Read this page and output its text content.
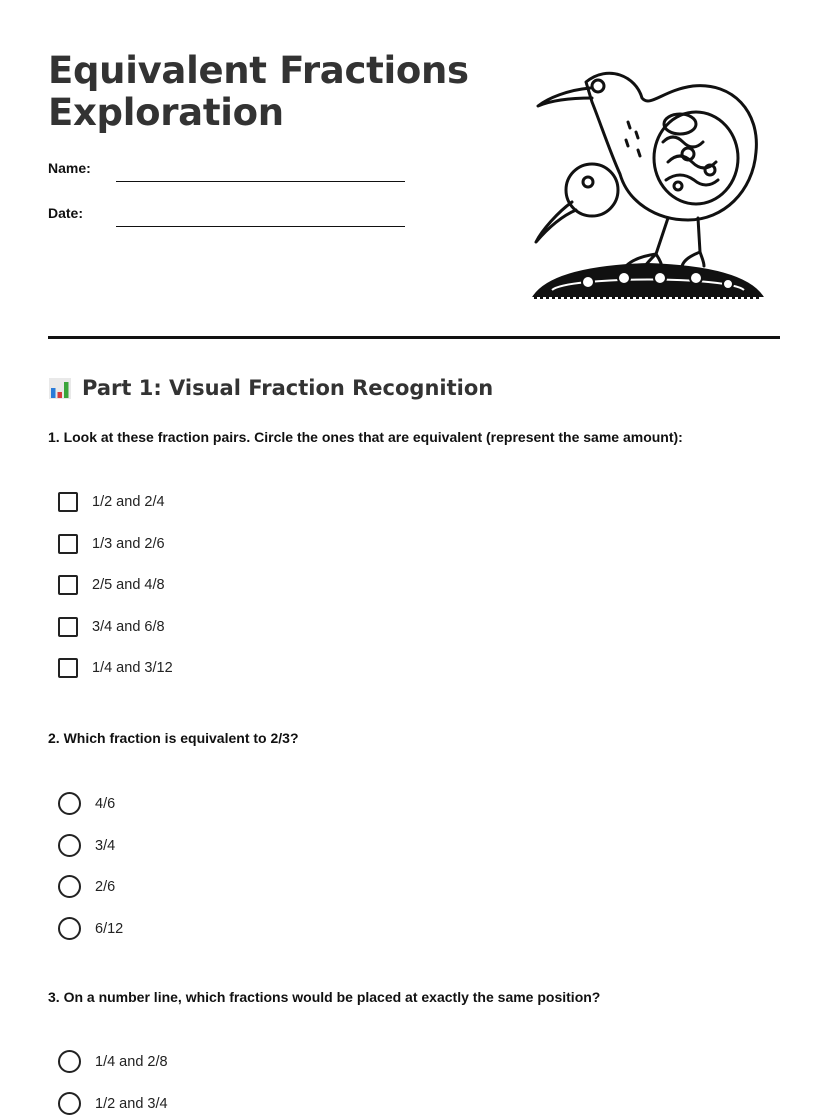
Equivalent Fractions
Exploration
Name:
Date:
Part 1: Visual Fraction Recognition

1. Look at these fraction pairs. Circle the ones that are equivalent (represent the same amount):

1/2 and 2/4
1/3 and 2/6
2/5 and 4/8
3/4 and 6/8
1/4 and 3/12

2. Which fraction is equivalent to 2/3?

4/6
3/4
2/6
6/12

3. On a number line, which fractions would be placed at exactly the same position?

1/4 and 2/8
1/2 and 3/4
